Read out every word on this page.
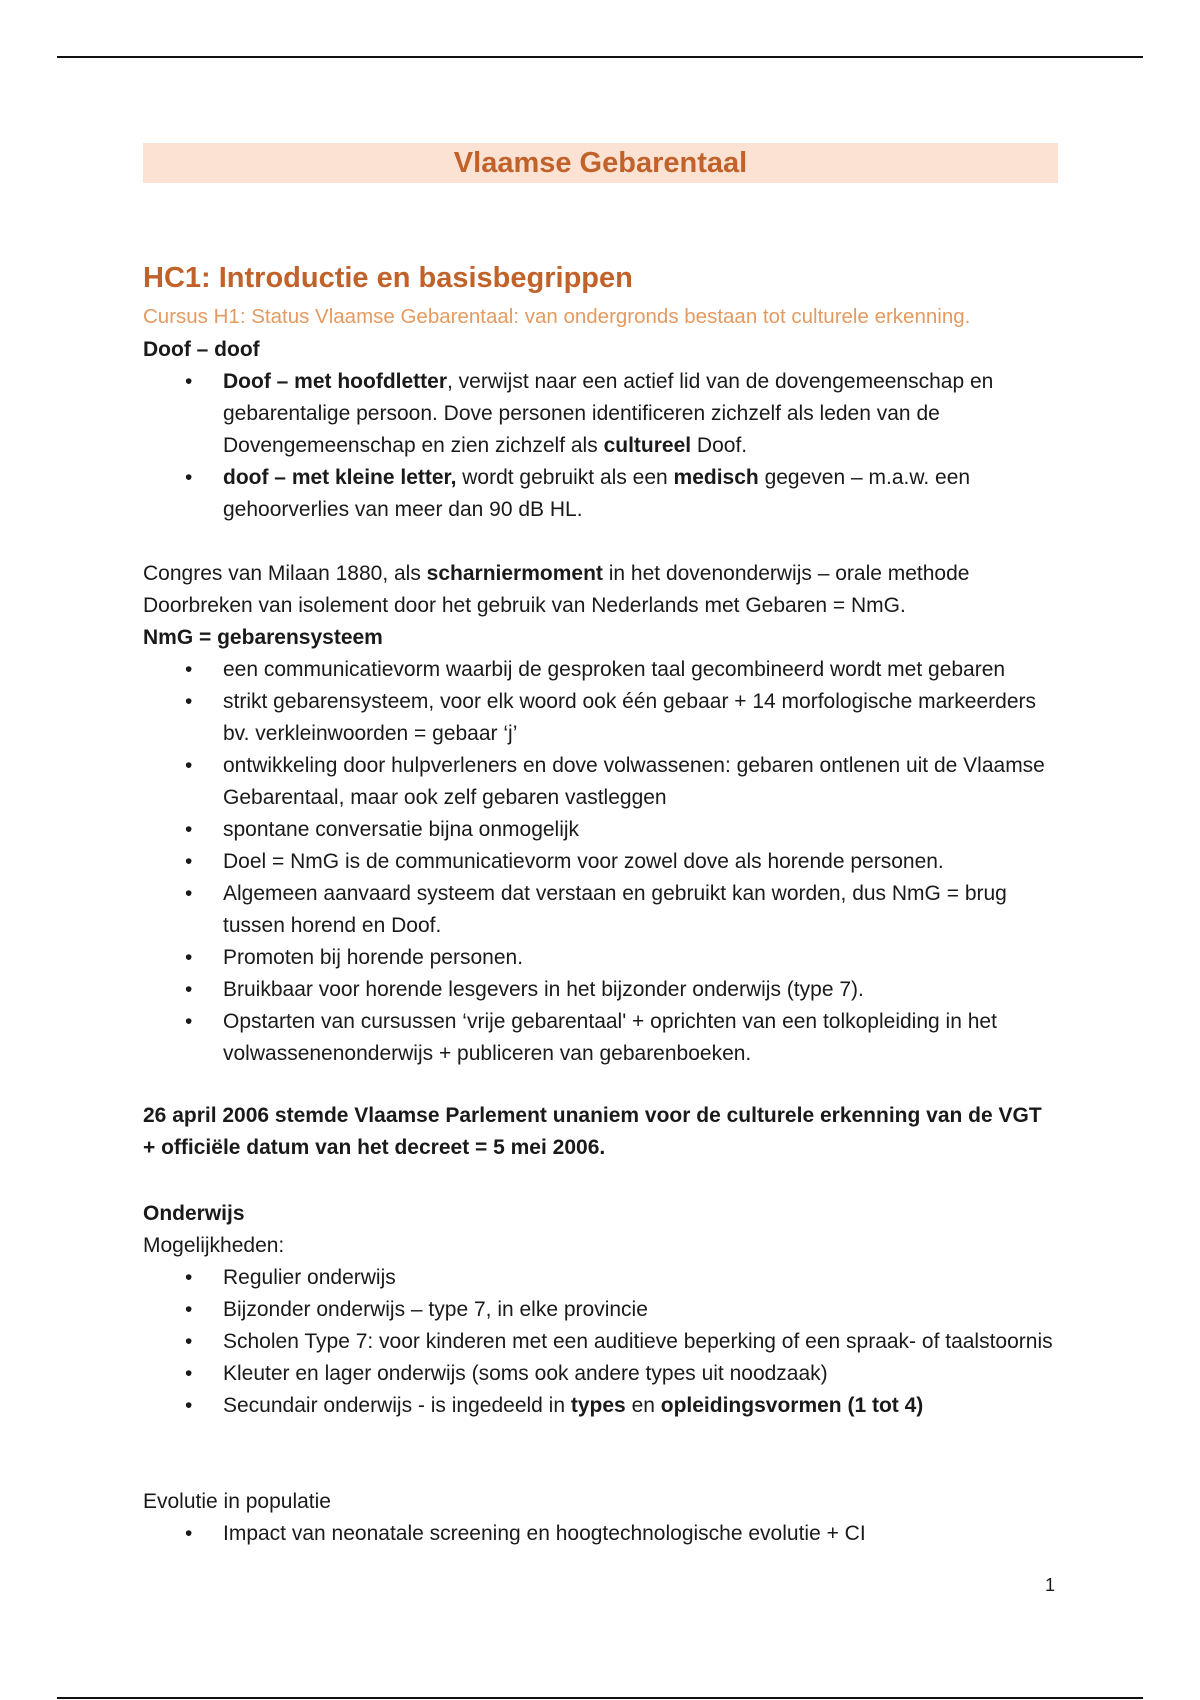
Vlaamse Gebarentaal
HC1: Introductie en basisbegrippen
Cursus H1: Status Vlaamse Gebarentaal: van ondergronds bestaan tot culturele erkenning.

Doof – doof

• Doof – met hoofdletter, verwijst naar een actief lid van de dovengemeenschap en gebarentalige persoon. Dove personen identificeren zichzelf als leden van de Dovengemeenschap en zien zichzelf als cultureel Doof.
• doof – met kleine letter, wordt gebruikt als een medisch gegeven – m.a.w. een gehoorverlies van meer dan 90 dB HL.

Congres van Milaan 1880, als scharniermoment in het dovenonderwijs – orale methode

Doorbreken van isolement door het gebruik van Nederlands met Gebaren = NmG.

NmG = gebarensysteem

• een communicatievorm waarbij de gesproken taal gecombineerd wordt met gebaren
• strikt gebarensysteem, voor elk woord ook één gebaar + 14 morfologische markeerders bv. verkleinwoorden = gebaar ‘j’
• ontwikkeling door hulpverleners en dove volwassenen: gebaren ontlenen uit de Vlaamse Gebarentaal, maar ook zelf gebaren vastleggen
• spontane conversatie bijna onmogelijk
• Doel = NmG is de communicatievorm voor zowel dove als horende personen.
• Algemeen aanvaard systeem dat verstaan en gebruikt kan worden, dus NmG = brug tussen horend en Doof.
• Promoten bij horende personen.
• Bruikbaar voor horende lesgevers in het bijzonder onderwijs (type 7).
• Opstarten van cursussen ‘vrije gebarentaal' + oprichten van een tolkopleiding in het volwassenenonderwijs + publiceren van gebarenboeken.

26 april 2006 stemde Vlaamse Parlement unaniem voor de culturele erkenning van de VGT + officiële datum van het decreet = 5 mei 2006.

Onderwijs

Mogelijkheden:

• Regulier onderwijs
• Bijzonder onderwijs – type 7, in elke provincie
• Scholen Type 7: voor kinderen met een auditieve beperking of een spraak- of taalstoornis
• Kleuter en lager onderwijs (soms ook andere types uit noodzaak)
• Secundair onderwijs - is ingedeeld in types en opleidingsvormen (1 tot 4)

Evolutie in populatie

• Impact van neonatale screening en hoogtechnologische evolutie + CI
1
